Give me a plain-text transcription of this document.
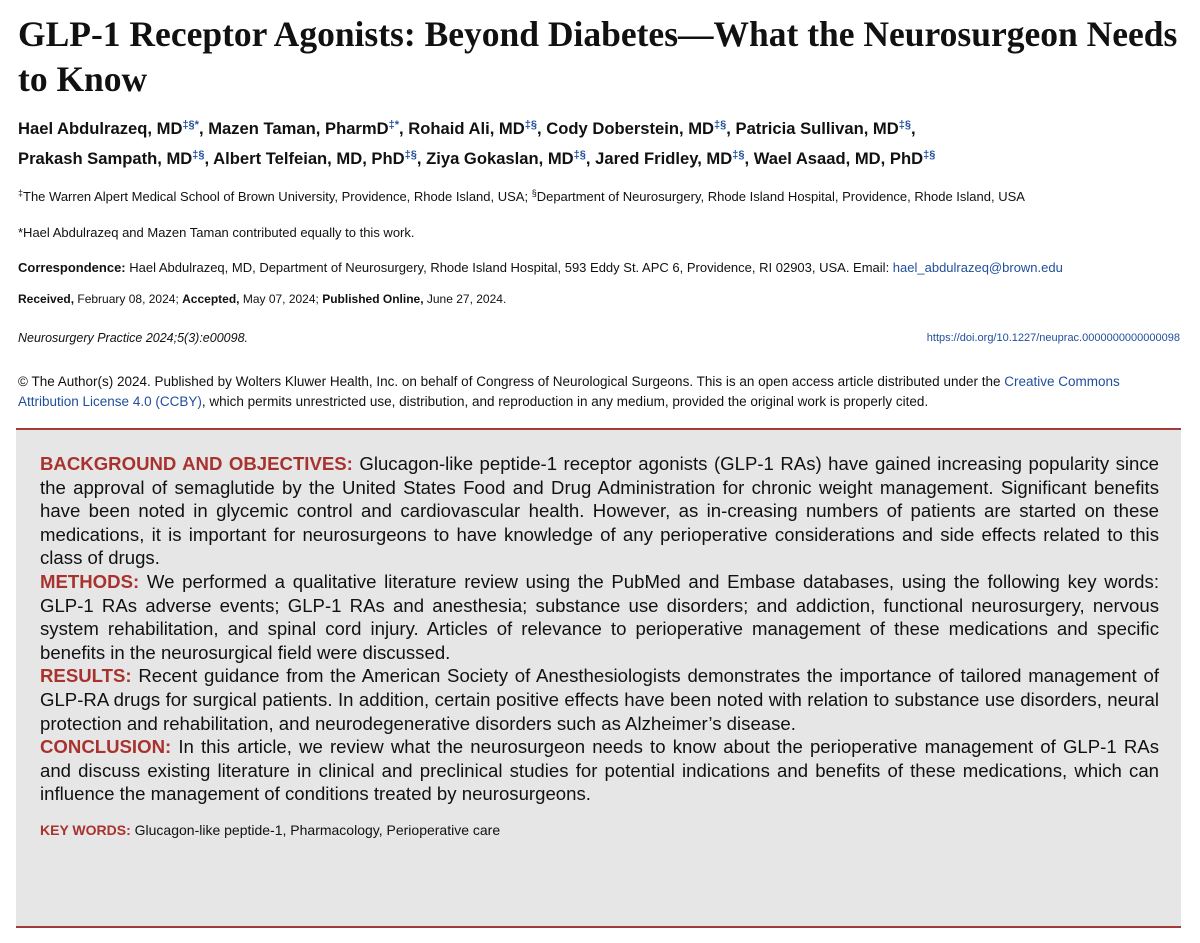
GLP-1 Receptor Agonists: Beyond Diabetes—What the Neurosurgeon Needs to Know
Hael Abdulrazeq, MD‡§*, Mazen Taman, PharmD‡*, Rohaid Ali, MD‡§, Cody Doberstein, MD‡§, Patricia Sullivan, MD‡§,
Prakash Sampath, MD‡§, Albert Telfeian, MD, PhD‡§, Ziya Gokaslan, MD‡§, Jared Fridley, MD‡§, Wael Asaad, MD, PhD‡§
‡The Warren Alpert Medical School of Brown University, Providence, Rhode Island, USA; §Department of Neurosurgery, Rhode Island Hospital, Providence, Rhode Island, USA
*Hael Abdulrazeq and Mazen Taman contributed equally to this work.
Correspondence: Hael Abdulrazeq, MD, Department of Neurosurgery, Rhode Island Hospital, 593 Eddy St. APC 6, Providence, RI 02903, USA. Email: hael_abdulrazeq@brown.edu
Received, February 08, 2024; Accepted, May 07, 2024; Published Online, June 27, 2024.
Neurosurgery Practice 2024;5(3):e00098.	https://doi.org/10.1227/neuprac.0000000000000098
© The Author(s) 2024. Published by Wolters Kluwer Health, Inc. on behalf of Congress of Neurological Surgeons. This is an open access article distributed under the Creative Commons Attribution License 4.0 (CCBY), which permits unrestricted use, distribution, and reproduction in any medium, provided the original work is properly cited.

BACKGROUND AND OBJECTIVES: Glucagon-like peptide-1 receptor agonists (GLP-1 RAs) have gained increasing popularity since the approval of semaglutide by the United States Food and Drug Administration for chronic weight management. Significant benefits have been noted in glycemic control and cardiovascular health. However, as in-creasing numbers of patients are started on these medications, it is important for neurosurgeons to have knowledge of any perioperative considerations and side effects related to this class of drugs.

METHODS: We performed a qualitative literature review using the PubMed and Embase databases, using the following key words: GLP-1 RAs adverse events; GLP-1 RAs and anesthesia; substance use disorders; and addiction, functional neurosurgery, nervous system rehabilitation, and spinal cord injury. Articles of relevance to perioperative management of these medications and specific benefits in the neurosurgical field were discussed.

RESULTS: Recent guidance from the American Society of Anesthesiologists demonstrates the importance of tailored management of GLP-RA drugs for surgical patients. In addition, certain positive effects have been noted with relation to substance use disorders, neural protection and rehabilitation, and neurodegenerative disorders such as Alzheimer’s disease.

CONCLUSION: In this article, we review what the neurosurgeon needs to know about the perioperative management of GLP-1 RAs and discuss existing literature in clinical and preclinical studies for potential indications and benefits of these medications, which can influence the management of conditions treated by neurosurgeons.

KEY WORDS: Glucagon-like peptide-1, Pharmacology, Perioperative care
